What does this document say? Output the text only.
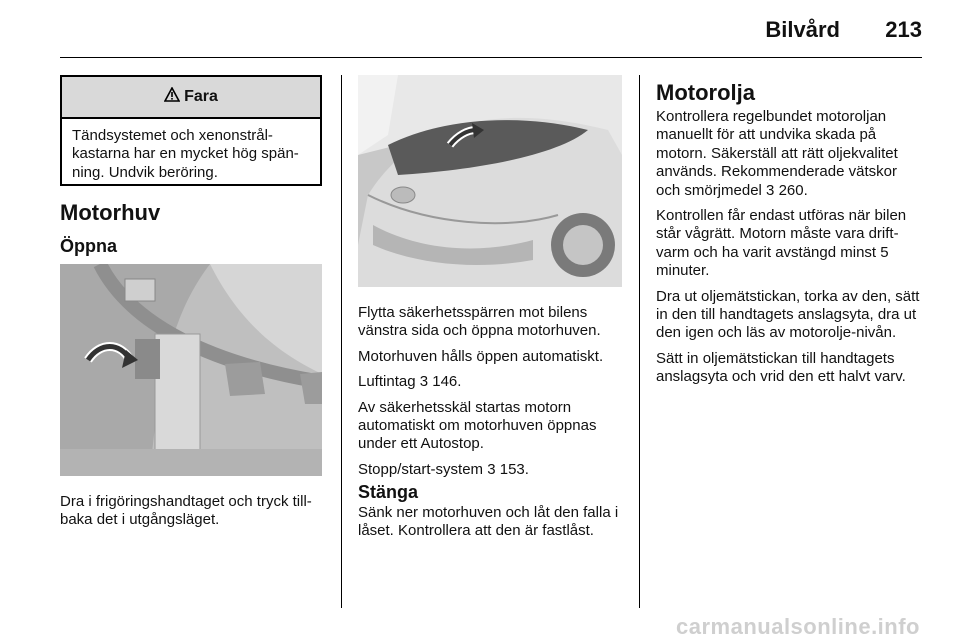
Bilvård	213
Fara
Tändsystemet och xenonstrål-kastarna har en mycket hög spän-ning. Undvik beröring.
Motorhuv
Öppna
Dra i frigöringshandtaget och tryck till-baka det i utgångsläget.

Flytta säkerhetsspärren mot bilens vänstra sida och öppna motorhuven.

Motorhuven hålls öppen automatiskt.

Luftintag 3 146.

Av säkerhetsskäl startas motorn automatiskt om motorhuven öppnas under ett Autostop.

Stopp/start-system 3 153.

Stänga
Sänk ner motorhuven och låt den falla i låset. Kontrollera att den är fastlåst.
Motorolja

Kontrollera regelbundet motoroljan manuellt för att undvika skada på motorn. Säkerställ att rätt oljekvalitet används. Rekommenderade vätskor och smörjmedel 3 260.

Kontrollen får endast utföras när bilen står vågrätt. Motorn måste vara drift-varm och ha varit avstängd minst 5 minuter.

Dra ut oljemätstickan, torka av den, sätt in den till handtagets anslagsyta, dra ut den igen och läs av motorolje-nivån.

Sätt in oljemätstickan till handtagets anslagsyta och vrid den ett halvt varv.

carmanualsonline.info
